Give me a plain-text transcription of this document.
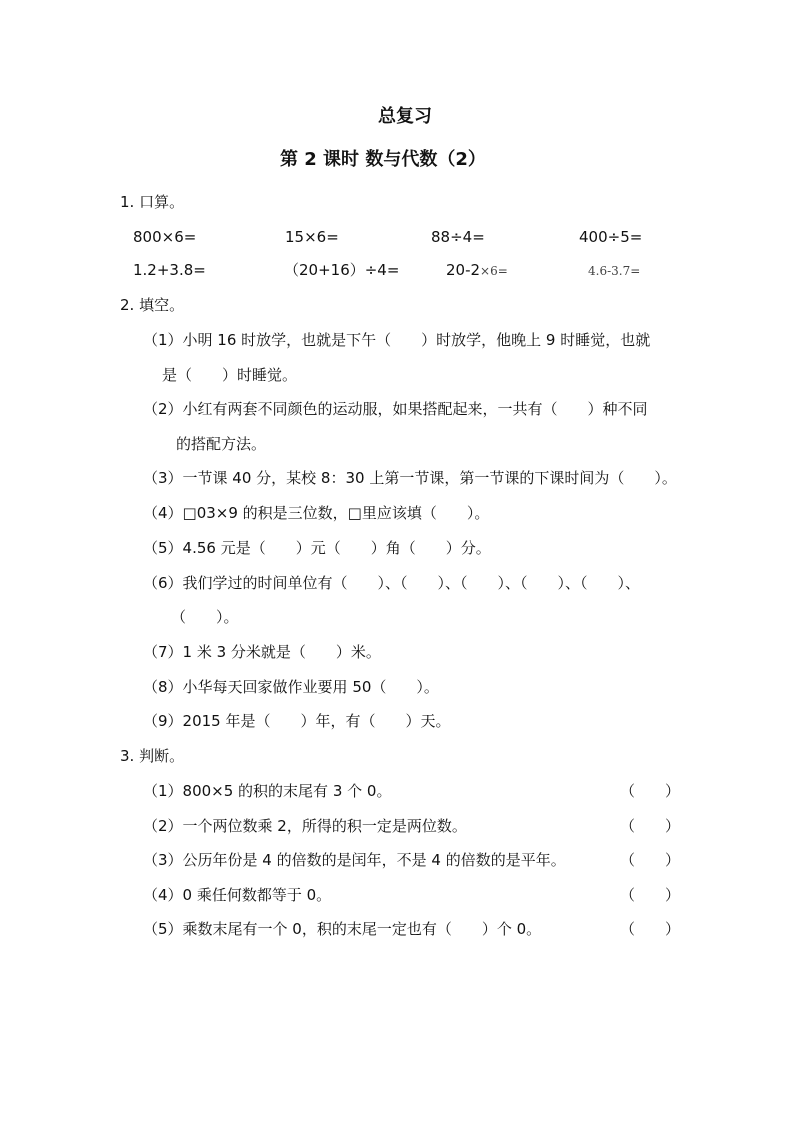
总复习
第 2 课时 数与代数（2）
1. 口算。
800×6=	15×6=	88÷4=	400÷5=
1.2+3.8=	（20+16）÷4=	20-2×6=	4.6-3.7=
2. 填空。
（1）小明 16 时放学，也就是下午（　　）时放学，他晚上 9 时睡觉，也就
是（　　）时睡觉。
（2）小红有两套不同颜色的运动服，如果搭配起来，一共有（　　）种不同
的搭配方法。
（3）一节课 40 分，某校 8：30 上第一节课，第一节课的下课时间为（　　）。
（4）□03×9 的积是三位数，□里应该填（　　）。
（5）4.56 元是（　　）元（　　）角（　　）分。
（6）我们学过的时间单位有（　　）、（　　）、（　　）、（　　）、（　　）、
（　　）。
（7）1 米 3 分米就是（　　）米。
（8）小华每天回家做作业要用 50（　　）。
（9）2015 年是（　　）年，有（　　）天。
3. 判断。
（1）800×5 的积的末尾有 3 个 0。	（　　）
（2）一个两位数乘 2，所得的积一定是两位数。	（　　）
（3）公历年份是 4 的倍数的是闰年，不是 4 的倍数的是平年。	（　　）
（4）0 乘任何数都等于 0。	（　　）
（5）乘数末尾有一个 0，积的末尾一定也有（　　）个 0。	（　　）
